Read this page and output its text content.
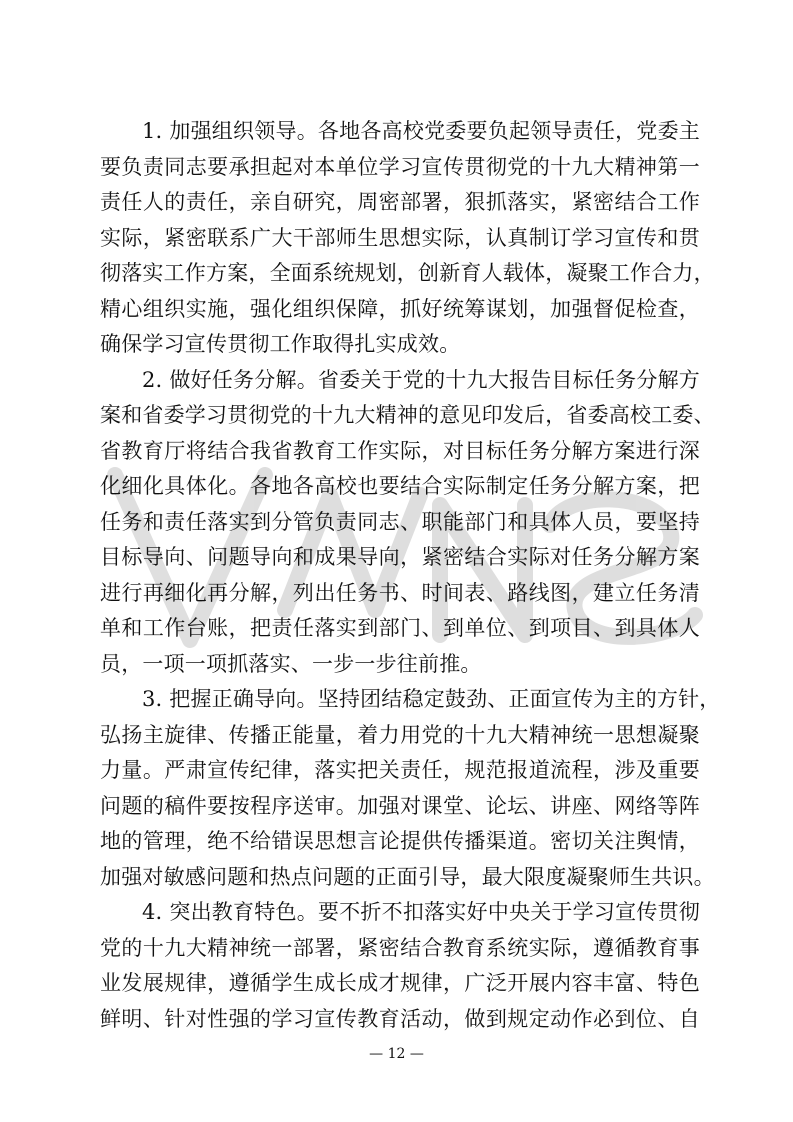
1. 加强组织领导。各地各高校党委要负起领导责任，党委主
要负责同志要承担起对本单位学习宣传贯彻党的十九大精神第一
责任人的责任，亲自研究，周密部署，狠抓落实，紧密结合工作
实际，紧密联系广大干部师生思想实际，认真制订学习宣传和贯
彻落实工作方案，全面系统规划，创新育人载体，凝聚工作合力，
精心组织实施，强化组织保障，抓好统筹谋划，加强督促检查，
确保学习宣传贯彻工作取得扎实成效。
2. 做好任务分解。省委关于党的十九大报告目标任务分解方
案和省委学习贯彻党的十九大精神的意见印发后，省委高校工委、
省教育厅将结合我省教育工作实际，对目标任务分解方案进行深
化细化具体化。各地各高校也要结合实际制定任务分解方案，把
任务和责任落实到分管负责同志、职能部门和具体人员，要坚持
目标导向、问题导向和成果导向，紧密结合实际对任务分解方案
进行再细化再分解，列出任务书、时间表、路线图，建立任务清
单和工作台账，把责任落实到部门、到单位、到项目、到具体人
员，一项一项抓落实、一步一步往前推。
3. 把握正确导向。坚持团结稳定鼓劲、正面宣传为主的方针，
弘扬主旋律、传播正能量，着力用党的十九大精神统一思想凝聚
力量。严肃宣传纪律，落实把关责任，规范报道流程，涉及重要
问题的稿件要按程序送审。加强对课堂、论坛、讲座、网络等阵
地的管理，绝不给错误思想言论提供传播渠道。密切关注舆情，
加强对敏感问题和热点问题的正面引导，最大限度凝聚师生共识。
4. 突出教育特色。要不折不扣落实好中央关于学习宣传贯彻
党的十九大精神统一部署，紧密结合教育系统实际，遵循教育事
业发展规律，遵循学生成长成才规律，广泛开展内容丰富、特色
鲜明、针对性强的学习宣传教育活动，做到规定动作必到位、自
— 12 —
